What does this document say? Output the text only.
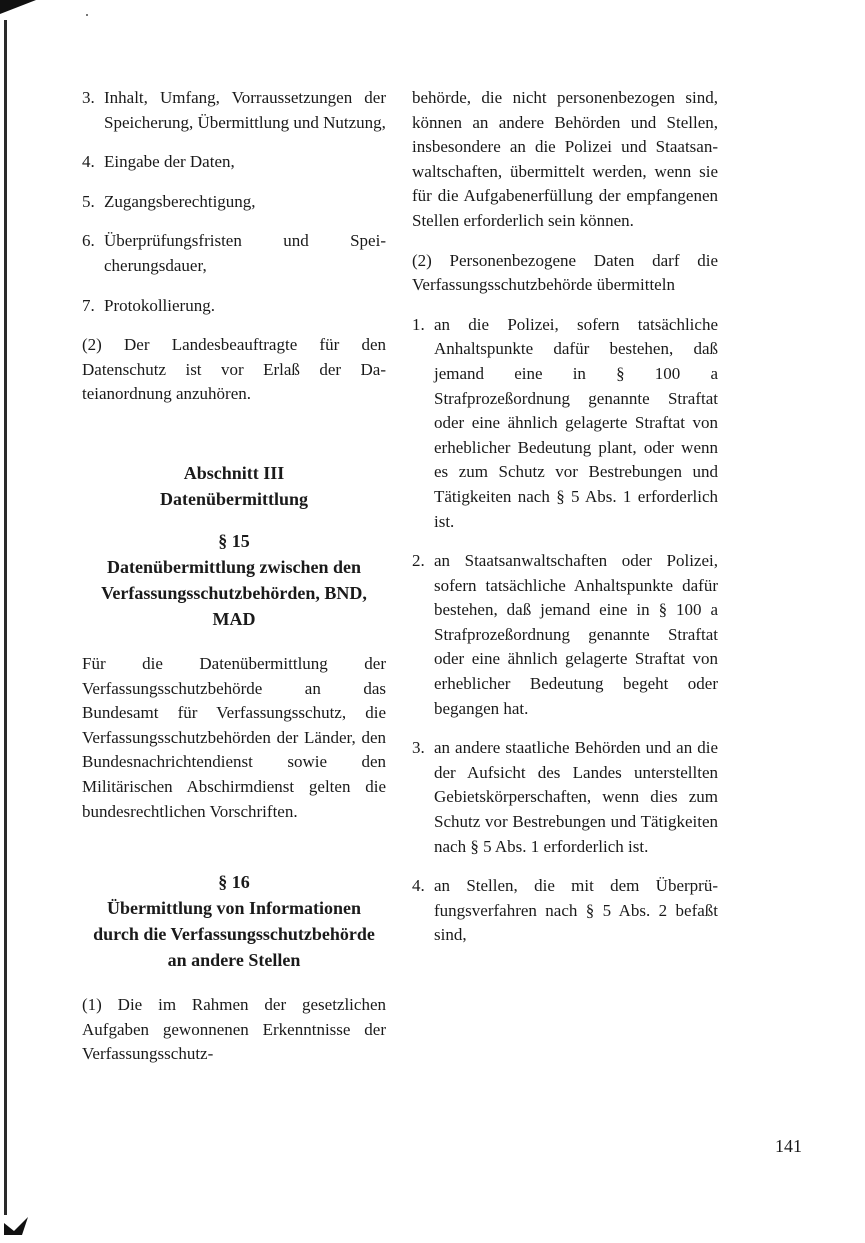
3. Inhalt, Umfang, Vorraussetzungen der Speicherung, Übermittlung und Nutzung,
4. Eingabe der Daten,
5. Zugangsberechtigung,
6. Überprüfungsfristen und Speicherungsdauer,
7. Protokollierung.

(2) Der Landesbeauftragte für den Datenschutz ist vor Erlaß der Dateianordnung anzuhören.

Abschnitt III

Datenübermittlung

§ 15

Datenübermittlung zwischen den Verfassungsschutzbehörden, BND, MAD

Für die Datenübermittlung der Verfassungsschutzbehörde an das Bundesamt für Verfassungsschutz, die Verfassungsschutzbehörden der Länder, den Bundesnachrichtendienst sowie den Militärischen Abschirmdienst gelten die bundesrechtlichen Vorschriften.

§ 16

Übermittlung von Informationen durch die Verfassungsschutzbehörde an andere Stellen

(1) Die im Rahmen der gesetzlichen Aufgaben gewonnenen Erkenntnisse der Verfassungsschutz-

behörde, die nicht personenbezogen sind, können an andere Behörden und Stellen, insbesondere an die Polizei und Staatsanwaltschaften, übermittelt werden, wenn sie für die Aufgabenerfüllung der empfangenen Stellen erforderlich sein können.

(2) Personenbezogene Daten darf die Verfassungsschutzbehörde übermitteln

1. an die Polizei, sofern tatsächliche Anhaltspunkte dafür bestehen, daß jemand eine in § 100 a Strafprozeßordnung genannte Straftat oder eine ähnlich gelagerte Straftat von erheblicher Bedeutung plant, oder wenn es zum Schutz vor Bestrebungen und Tätigkeiten nach § 5 Abs. 1 erforderlich ist.
2. an Staatsanwaltschaften oder Polizei, sofern tatsächliche Anhaltspunkte dafür bestehen, daß jemand eine in § 100 a Strafprozeßordnung genannte Straftat oder eine ähnlich gelagerte Straftat von erheblicher Bedeutung begeht oder begangen hat.
3. an andere staatliche Behörden und an die der Aufsicht des Landes unterstellten Gebietskörperschaften, wenn dies zum Schutz vor Bestrebungen und Tätigkeiten nach § 5 Abs. 1 erforderlich ist.
4. an Stellen, die mit dem Überprüfungsverfahren nach § 5 Abs. 2 befaßt sind,
141
